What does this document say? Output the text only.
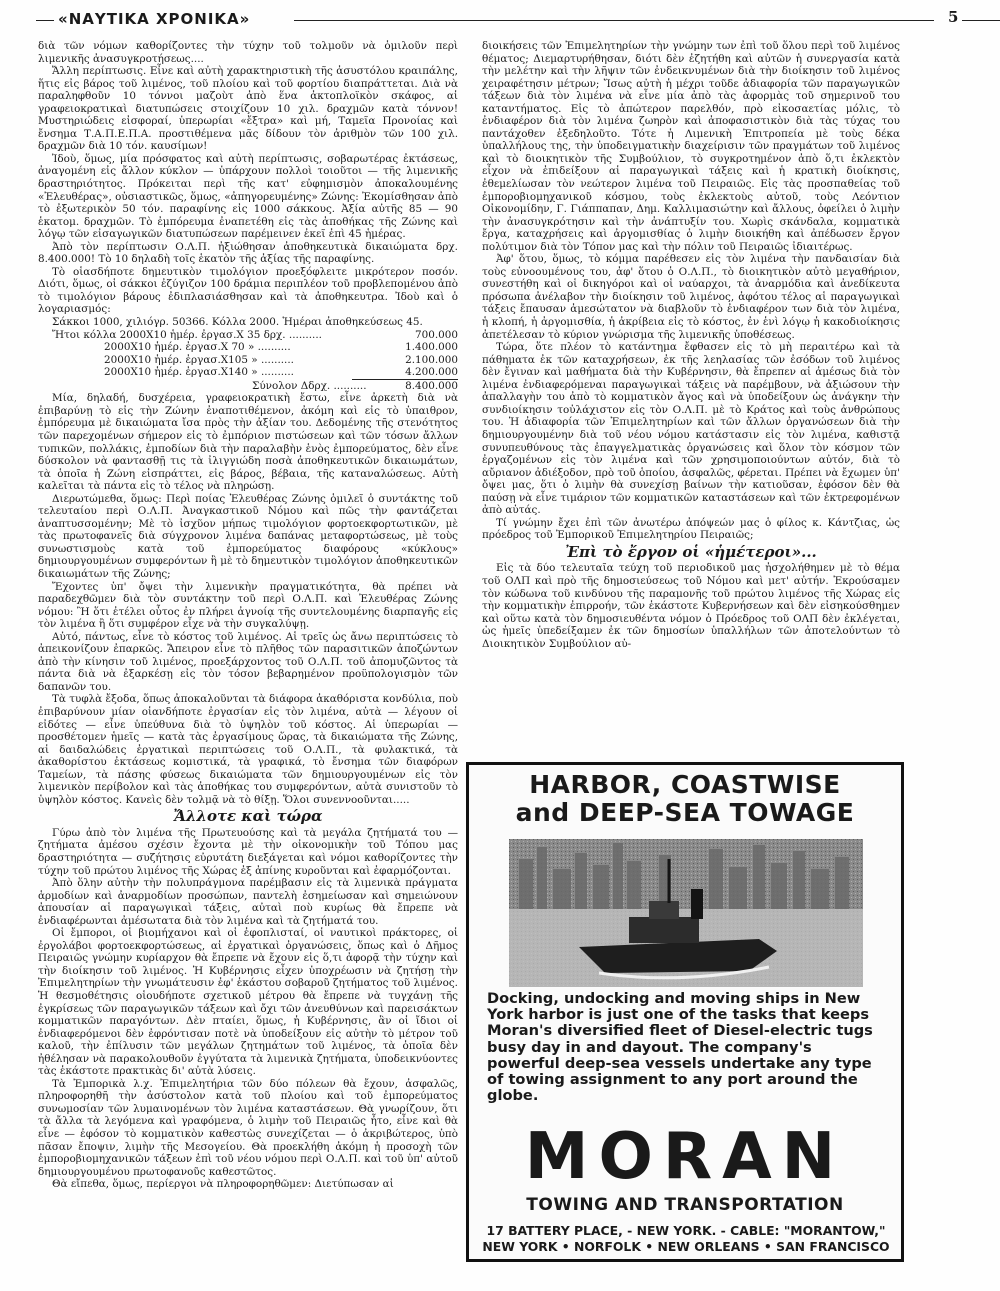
«ΝΑΥΤΙΚΑ ΧΡΟΝΙΚΑ»	5

διὰ τῶν νόμων καθορίζοντες τὴν τύχην τοῦ τολμοῦν νὰ ὁμιλοῦν περὶ λιμενικῆς ἀνασυγκροτήσεως....

Ἄλλη περίπτωσις. Εἶνε καὶ αὐτὴ χαρακτηριστικὴ τῆς ἀσυστόλου κραιπάλης, ἥτις εἰς βάρος τοῦ λιμένος, τοῦ πλοίου καὶ τοῦ φορτίου διαπράττεται. Διὰ νὰ παραληφθοῦν 10 τόννοι μαζοὺτ ἀπὸ ἕνα ἀκτοπλοϊκὸν σκάφος, αἱ γραφειοκρατικαὶ διατυπώσεις στοιχίζουν 10 χιλ. δραχμῶν κατὰ τόννον! Μυστηριώδεις εἰσφοραί, ὑπερωρίαι «ἔξτρα» καὶ μή, Ταμεῖα Προνοίας καὶ ἔνσημα Τ.Α.Π.Ε.Π.Α. προστιθέμενα μᾶς δίδουν τὸν ἀριθμὸν τῶν 100 χιλ. δραχμῶν διὰ 10 τόν. καυσίμων!

Ἰδοὺ, ὅμως, μία πρόσφατος καὶ αὐτὴ περίπτωσις, σοβαρωτέρας ἐκτάσεως, ἀναγομένη εἰς ἄλλον κύκλον — ὑπάρχουν πολλοὶ τοιοῦτοι — τῆς λιμενικῆς δραστηριότητος. Πρόκειται περὶ τῆς κατ' εὐφημισμὸν ἀποκαλουμένης «Ἐλευθέρας», οὐσιαστικῶς, ὅμως, «ἀπηγορευμένης» Ζώνης: Ἐκομίσθησαν ἀπὸ τὸ ἐξωτερικὸν 50 τόν. παραφίνης εἰς 1000 σάκκους. Ἀξία αὐτῆς 85 — 90 ἑκατομ. δραχμῶν. Τὸ ἐμπόρευμα ἐναπετέθη εἰς τὰς ἀποθήκας τῆς Ζώνης καὶ λόγῳ τῶν εἰσαγωγικῶν διατυπώσεων παρέμεινεν ἐκεῖ ἐπὶ 45 ἡμέρας.

Ἀπὸ τὸν περίπτωσιν Ο.Λ.Π. ἠξιώθησαν ἀποθηκευτικὰ δικαιώματα δρχ. 8.400.000! Τὸ 10 δηλαδὴ τοῖς ἑκατὸν τῆς ἀξίας τῆς παραφίνης.

Τὸ οἱασδήποτε δημευτικὸν τιμολόγιον προεξόφλειτε μικρότερον ποσόν. Διότι, ὅμως, οἱ σάκκοι ἐζύγιζον 100 δράμια περιπλέον τοῦ προβλεπομένου ἀπὸ τὸ τιμολόγιον βάρους ἐδιπλασιάσθησαν καὶ τὰ ἀποθηκευτρα. Ἰδοὺ καὶ ὁ λογαριασμός:

Σάκκοι 1000, χιλιόγρ. 50366. Κόλλα 2000. Ἡμέραι ἀποθηκεύσεως 45.
Ἤτοι κόλλα 2000Χ10 ἡμέρ. ἐργασ.Χ 35 δρχ. ..........	700.000
2000Χ10 ἡμέρ. ἐργασ.Χ 70 » ..........	1.400.000
2000Χ10 ἡμέρ. ἐργασ.Χ105 » ..........	2.100.000
2000Χ10 ἡμέρ. ἐργασ.Χ140 » ..........	4.200.000
Σύνολον Δδρχ. ..........	8.400.000

Μία, δηλαδή, δυσχέρεια, γραφειοκρατικὴ ἔστω, εἶνε ἀρκετὴ διὰ νὰ ἐπιβαρύνῃ τὸ εἰς τὴν Ζώνην ἐναποτιθέμενον, ἀκόμη καὶ εἰς τὸ ὑπαιθρον, ἐμπόρευμα μὲ δικαιώματα ἴσα πρὸς τὴν ἀξίαν του. Δεδομένης τῆς στενότητος τῶν παρεχομένων σήμερον εἰς τὸ ἐμπόριον πιστώσεων καὶ τῶν τόσων ἄλλων τυπικῶν, πολλάκις, ἐμποδίων διὰ τὴν παραλαβὴν ἑνὸς ἐμπορεύματος, δὲν εἶνε δύσκολον νὰ φαντασθῇ τις τὰ ἰλιγγιώδη ποσὰ ἀποθηκευτικῶν δικαιωμάτων, τὰ ὁποῖα ἡ Ζώνη εἰσπράττει, εἰς βάρος, βέβαια, τῆς καταναλώσεως. Αὐτὴ καλεῖται τὰ πάντα εἰς τὸ τέλος νὰ πληρώσῃ.

Διερωτώμεθα, ὅμως: Περὶ ποίας Ἐλευθέρας Ζώνης ὁμιλεῖ ὁ συντάκτης τοῦ τελευταίου περὶ Ο.Λ.Π. Ἀναγκαστικοῦ Νόμου καὶ πῶς τὴν φαντάζεται ἀναπτυσσομένην; Μὲ τὸ ἰσχῦον μήπως τιμολόγιον φορτοεκφορτωτικῶν, μὲ τὰς πρωτοφανεῖς διὰ σύγχρονον λιμένα δαπάνας μεταφορτώσεως, μὲ τοὺς συνωστισμοὺς κατὰ τοῦ ἐμπορεύματος διαφόρους «κύκλους» δημιουργουμένων συμφερόντων ἢ μὲ τὸ δημευτικὸν τιμολόγιον ἀποθηκευτικῶν δικαιωμάτων τῆς Ζώνης;

Ἔχοντες ὑπ' ὄψει τὴν λιμενικὴν πραγματικότητα, θὰ πρέπει νὰ παραδεχθῶμεν διὰ τὸν συντάκτην τοῦ περὶ Ο.Λ.Π. καὶ Ἐλευθέρας Ζώνης νόμου: Ἢ ὅτι ἐτέλει οὗτος ἐν πλήρει ἀγνοίᾳ τῆς συντελουμένης διαρπαγῆς εἰς τὸν λιμένα ἢ ὅτι συμφέρον εἶχε νὰ τὴν συγκαλύψῃ.

Αὐτό, πάντως, εἶνε τὸ κόστος τοῦ λιμένος. Αἱ τρεῖς ὡς ἄνω περιπτώσεις τὸ ἀπεικονίζουν ἐπαρκῶς. Ἄπειρον εἶνε τὸ πλῆθος τῶν παρασιτικῶν ἀποζώντων ἀπὸ τὴν κίνησιν τοῦ λιμένος, προεξάρχοντος τοῦ Ο.Λ.Π. τοῦ ἀπομυζῶντος τὰ πάντα διὰ νὰ ἐξαρκέσῃ εἰς τὸν τόσον βεβαρημένον προϋπολογισμὸν τῶν δαπανῶν του.

Τὰ τυφλὰ ἔξοδα, ὅπως ἀποκαλοῦνται τὰ διάφορα ἀκαθόριστα κονδύλια, ποὺ ἐπιβαρύνουν μίαν οἱανδήποτε ἐργασίαν εἰς τὸν λιμένα, αὐτὰ — λέγουν οἱ εἰδότες — εἶνε ὑπεύθυνα διὰ τὸ ὑψηλὸν τοῦ κόστος. Αἱ ὑπερωρίαι — προσθέτομεν ἡμεῖς — κατὰ τὰς ἐργασίμους ὥρας, τὰ δικαιώματα τῆς Ζώνης, αἱ δαιδαλώδεις ἐργατικαὶ περιπτώσεις τοῦ Ο.Λ.Π., τὰ φυλακτικά, τὰ ἀκαθορίστου ἐκτάσεως κομιστικά, τὰ γραφικά, τὸ ἔνσημα τῶν διαφόρων Ταμείων, τὰ πάσης φύσεως δικαιώματα τῶν δημιουργουμένων εἰς τὸν λιμενικὸν περίβολον καὶ τὰς ἀποθήκας του συμφερόντων, αὐτὰ συνιστοῦν τὸ ὑψηλὸν κόστος. Κανεὶς δὲν τολμᾷ νὰ τὸ θίξῃ. Ὅλοι συνεννοοῦνται.....

Ἄλλοτε καὶ τώρα

Γύρω ἀπὸ τὸν λιμένα τῆς Πρωτευούσης καὶ τὰ μεγάλα ζητήματά του — ζητήματα ἀμέσου σχέσιν ἔχοντα μὲ τὴν οἰκονομικὴν τοῦ Τόπου μας δραστηριότητα — συζήτησις εὐρυτάτη διεξάγεται καὶ νόμοι καθορίζοντες τὴν τύχην τοῦ πρώτου λιμένος τῆς Χώρας ἐξ ἀπίνης κυροῦνται καὶ ἐφαρμόζονται.

Ἀπὸ ὅλην αὐτὴν τὴν πολυπράγμονα παρέμβασιν εἰς τὰ λιμενικὰ πράγματα ἁρμοδίων καὶ ἀναρμοδίων προσώπων, παντελὴ ἐσημείωσαν καὶ σημειώνουν ἀπουσίαν αἱ παραγωγικαὶ τάξεις, αὐταὶ ποὺ κυρίως θὰ ἔπρεπε νὰ ἐνδιαφέρωνται ἀμέσωτατα διὰ τὸν λιμένα καὶ τὰ ζητήματά του.

Οἱ ἔμποροι, οἱ βιομήχανοι καὶ οἱ ἐφοπλισταί, οἱ ναυτικοὶ πράκτορες, οἱ ἐργολάβοι φορτοεκφορτώσεως, αἱ ἐργατικαὶ ὀργανώσεις, ὅπως καὶ ὁ Δῆμος Πειραιῶς γνώμην κυρίαρχον θὰ ἔπρεπε νὰ ἔχουν εἰς ὅ,τι ἀφορᾷ τὴν τύχην καὶ τὴν διοίκησιν τοῦ λιμένος. Ἡ Κυβέρνησις εἶχεν ὑποχρέωσιν νὰ ζητήσῃ τὴν Ἐπιμελητηρίων τὴν γνωμάτευσιν ἐφ' ἑκάστου σοβαροῦ ζητήματος τοῦ λιμένος. Ἡ θεσμοθέτησις οἱουδήποτε σχετικοῦ μέτρου θὰ ἔπρεπε νὰ τυγχάνῃ τῆς ἐγκρίσεως τῶν παραγωγικῶν τάξεων καὶ ὄχι τῶν ἀνευθύνων καὶ παρεισάκτων κομματικῶν παραγόντων. Δὲν πταίει, ὅμως, ἡ Κυβέρνησις, ἂν οἱ ἴδιοι οἱ ἐνδιαφερόμενοι δὲν ἐφρόντισαν ποτὲ νὰ ὑποδείξουν εἰς αὐτὴν τὸ μέτρον τοῦ καλοῦ, τὴν ἐπίλυσιν τῶν μεγάλων ζητημάτων τοῦ λιμένος, τὰ ὁποῖα δὲν ἠθέλησαν νὰ παρακολουθοῦν ἐγγύτατα τὰ λιμενικὰ ζητήματα, ὑποδεικνύοντες τὰς ἑκάστοτε πρακτικὰς δι' αὐτὰ λύσεις.

Τὰ Ἐμπορικὰ λ.χ. Ἐπιμελητήρια τῶν δύο πόλεων θὰ ἔχουν, ἀσφαλῶς, πληροφορηθῆ τὴν ἀσύστολον κατὰ τοῦ πλοίου καὶ τοῦ ἐμπορεύματος συνωμοσίαν τῶν λυμαινομένων τὸν λιμένα καταστάσεων. Θὰ γνωρίζουν, ὅτι τὰ ἄλλα τὰ λεγόμενα καὶ γραφόμενα, ὁ λιμὴν τοῦ Πειραιῶς ἦτο, εἶνε καὶ θὰ εἶνε — ἐφόσον τὸ κομματικὸν καθεστὼς συνεχίζεται — ὁ ἀκριβώτερος, ὑπὸ πᾶσαν ἔποψιν, λιμὴν τῆς Μεσογείου. Θὰ προεκλήθη ἀκόμη ἡ προσοχὴ τῶν ἐμποροβιομηχανικῶν τάξεων ἐπὶ τοῦ νέου νόμου περὶ Ο.Λ.Π. καὶ τοῦ ὑπ' αὐτοῦ δημιουργουμένου πρωτοφανοῦς καθεστῶτος.

Θὰ εἴπεθα, ὅμως, περίεργοι νὰ πληροφορηθῶμεν: Διετύπωσαν αἱ

διοικήσεις τῶν Ἐπιμελητηρίων τὴν γνώμην των ἐπὶ τοῦ ὅλου περὶ τοῦ λιμένος θέματος; Διεμαρτυρήθησαν, διότι δὲν ἐζητήθη καὶ αὐτῶν ἡ συνεργασία κατὰ τὴν μελέτην καὶ τὴν λῆψιν τῶν ἐνδεικνυμένων διὰ τὴν διοίκησιν τοῦ λιμένος χειραφέτησιν μέτρων; Ἴσως αὐτὴ ἡ μέχρι τοῦδε ἀδιαφορία τῶν παραγωγικῶν τάξεων διὰ τὸν λιμένα νὰ εἶνε μία ἀπὸ τὰς ἀφορμὰς τοῦ σημερινοῦ του καταντήματος. Εἰς τὸ ἀπώτερον παρελθόν, πρὸ εἰκοσαετίας μόλις, τὸ ἐνδιαφέρον διὰ τὸν λιμένα ζωηρὸν καὶ ἀποφασιστικὸν διὰ τὰς τύχας του παντάχοθεν ἐξεδηλοῦτο. Τότε ἡ Λιμενικὴ Ἐπιτροπεία μὲ τοὺς δέκα ὑπαλλήλους της, τὴν ὑποδειγματικὴν διαχείρισιν τῶν πραγμάτων τοῦ λιμένος καὶ τὸ διοικητικὸν τῆς Συμβούλιον, τὸ συγκροτημένον ἀπὸ ὅ,τι ἐκλεκτὸν εἶχον νὰ ἐπιδείξουν αἱ παραγωγικαὶ τάξεις καὶ ἡ κρατικὴ διοίκησις, ἐθεμελίωσαν τὸν νεώτερον λιμένα τοῦ Πειραιῶς. Εἰς τὰς προσπαθείας τοῦ ἐμποροβιομηχανικοῦ κόσμου, τοὺς ἐκλεκτοὺς αὐτοῦ, τοὺς Λεόντιον Οἰκονομίδην, Γ. Γιάππαπαν, Δημ. Καλλιμασιώτην καὶ ἄλλους, ὀφείλει ὁ λιμὴν τὴν ἀνασυγκρότησιν καὶ τὴν ἀνάπτυξίν του. Χωρὶς σκάνδαλα, κομματικὰ ἔργα, καταχρήσεις καὶ ἀργομισθίας ὁ λιμὴν διοικήθη καὶ ἀπέδωσεν ἔργον πολύτιμον διὰ τὸν Τόπον μας καὶ τὴν πόλιν τοῦ Πειραιῶς ἰδιαιτέρως.

Ἀφ' ὅτου, ὅμως, τὸ κόμμα παρέθεσεν εἰς τὸν λιμένα τὴν πανδαισίαν διὰ τοὺς εὐνοουμένους του, ἀφ' ὅτου ὁ Ο.Λ.Π., τὸ διοικητικὸν αὐτὸ μεγαθήριον, συνεστήθη καὶ οἱ δικηγόροι καὶ οἱ ναύαρχοι, τὰ ἀναρμόδια καὶ ἀνεδίκευτα πρόσωπα ἀνέλαβον τὴν διοίκησιν τοῦ λιμένος, ἀφότου τέλος αἱ παραγωγικαὶ τάξεις ἔπαυσαν ἀμεσώτατον νὰ διαβλοῦν τὸ ἐνδιαφέρον των διὰ τὸν λιμένα, ἡ κλοπή, ἡ ἀργομισθία, ἡ ἀκρίβεια εἰς τὸ κόστος, ἐν ἑνὶ λόγῳ ἡ κακοδιοίκησις ἀπετέλεσαν τὸ κύριον γνώρισμα τῆς λιμενικῆς ὑποθέσεως.

Τώρα, ὅτε πλέον τὸ κατάντημα ἔφθασεν εἰς τὸ μὴ περαιτέρω καὶ τὰ πάθηματα ἐκ τῶν καταχρήσεων, ἐκ τῆς λεηλασίας τῶν ἐσόδων τοῦ λιμένος δὲν ἔγιναν καὶ μαθήματα διὰ τὴν Κυβέρνησιν, θὰ ἔπρεπεν αἱ ἀμέσως διὰ τὸν λιμένα ἐνδιαφερόμεναι παραγωγικαὶ τάξεις νὰ παρέμβουν, νὰ ἀξιώσουν τὴν ἀπαλλαγὴν του ἀπὸ τὸ κομματικὸν ἄγος καὶ νὰ ὑποδείξουν ὡς ἀνάγκην τὴν συνδιοίκησιν τοὐλάχιστον εἰς τὸν Ο.Λ.Π. μὲ τὸ Κράτος καὶ τοὺς ἀνθρώπους του. Ἡ ἀδιαφορία τῶν Ἐπιμελητηρίων καὶ τῶν ἄλλων ὀργανώσεων διὰ τὴν δημιουργουμένην διὰ τοῦ νέου νόμου κατάστασιν εἰς τὸν λιμένα, καθιστᾷ συνυπευθύνους τὰς ἐπαγγελματικὰς ὀργανώσεις καὶ ὅλον τὸν κόσμον τῶν ἐργαζομένων εἰς τὸν λιμένα καὶ τῶν χρησιμοποιούντων αὐτόν, διὰ τὸ αὔριανον ἀδιέξοδον, πρὸ τοῦ ὁποίου, ἀσφαλῶς, φέρεται. Πρέπει νὰ ἔχωμεν ὑπ' ὄψει μας, ὅτι ὁ λιμὴν θὰ συνεχίσῃ βαίνων τὴν κατιοῦσαν, ἐφόσον δὲν θὰ παύσῃ νὰ εἶνε τιμάριον τῶν κομματικῶν καταστάσεων καὶ τῶν ἐκτρεφομένων ἀπὸ αὐτάς.

Τί γνώμην ἔχει ἐπὶ τῶν ἀνωτέρω ἀπόψεών μας ὁ φίλος κ. Κάντζιας, ὡς πρόεδρος τοῦ Ἐμπορικοῦ Ἐπιμελητηρίου Πειραιῶς;

Ἐπὶ τὸ ἔργον οἱ «ἡμέτεροι»...

Εἰς τὰ δύο τελευταῖα τεύχη τοῦ περιοδικοῦ μας ἠσχολήθημεν μὲ τὸ θέμα τοῦ ΟΛΠ καὶ πρὸ τῆς δημοσιεύσεως τοῦ Νόμου καὶ μετ' αὐτήν. Ἐκρούσαμεν τὸν κώδωνα τοῦ κινδύνου τῆς παραμονῆς τοῦ πρώτου λιμένος τῆς Χώρας εἰς τὴν κομματικὴν ἐπιρροήν, τῶν ἑκάστοτε Κυβερνήσεων καὶ δὲν εἰσηκούσθημεν καὶ οὕτω κατὰ τὸν δημοσιευθέντα νόμον ὁ Πρόεδρος τοῦ ΟΛΠ δὲν ἐκλέγεται, ὡς ἡμεῖς ὑπεδείξαμεν ἐκ τῶν δημοσίων ὑπαλλήλων τῶν ἀποτελούντων τὸ Διοικητικὸν Συμβούλιον αὐ-

HARBOR, COASTWISE
and DEEP-SEA TOWAGE
Docking, undocking and moving ships in New York harbor is just one of the tasks that keeps Moran's diversified fleet of Diesel-electric tugs busy day in and dayout. The company's powerful deep-sea vessels undertake any type of towing assignment to any port around the globe.
MORAN
TOWING AND TRANSPORTATION
17 BATTERY PLACE, - NEW YORK. - CABLE: "MORANTOW,"
NEW YORK • NORFOLK • NEW ORLEANS • SAN FRANCISCO
